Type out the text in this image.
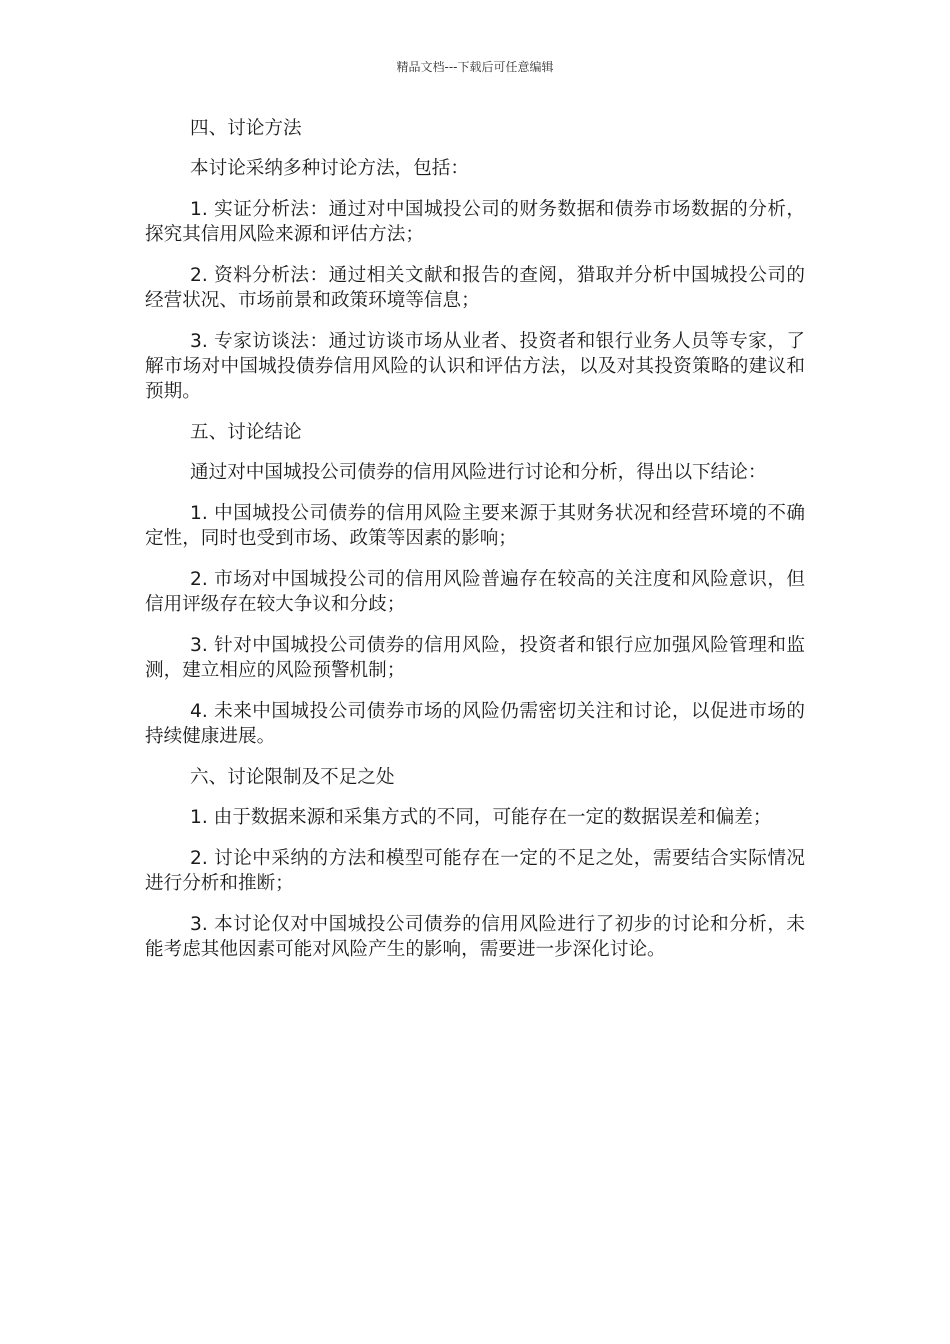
精品文档---下载后可任意编辑

四、讨论方法

本讨论采纳多种讨论方法，包括：

1. 实证分析法：通过对中国城投公司的财务数据和债券市场数据的分析，探究其信用风险来源和评估方法；

2. 资料分析法：通过相关文献和报告的查阅，猎取并分析中国城投公司的经营状况、市场前景和政策环境等信息；

3. 专家访谈法：通过访谈市场从业者、投资者和银行业务人员等专家，了解市场对中国城投债券信用风险的认识和评估方法，以及对其投资策略的建议和预期。

五、讨论结论

通过对中国城投公司债券的信用风险进行讨论和分析，得出以下结论：

1. 中国城投公司债券的信用风险主要来源于其财务状况和经营环境的不确定性，同时也受到市场、政策等因素的影响；

2. 市场对中国城投公司的信用风险普遍存在较高的关注度和风险意识，但信用评级存在较大争议和分歧；

3. 针对中国城投公司债券的信用风险，投资者和银行应加强风险管理和监测，建立相应的风险预警机制；

4. 未来中国城投公司债券市场的风险仍需密切关注和讨论，以促进市场的持续健康进展。

六、讨论限制及不足之处

1. 由于数据来源和采集方式的不同，可能存在一定的数据误差和偏差；

2. 讨论中采纳的方法和模型可能存在一定的不足之处，需要结合实际情况进行分析和推断；

3. 本讨论仅对中国城投公司债券的信用风险进行了初步的讨论和分析，未能考虑其他因素可能对风险产生的影响，需要进一步深化讨论。
